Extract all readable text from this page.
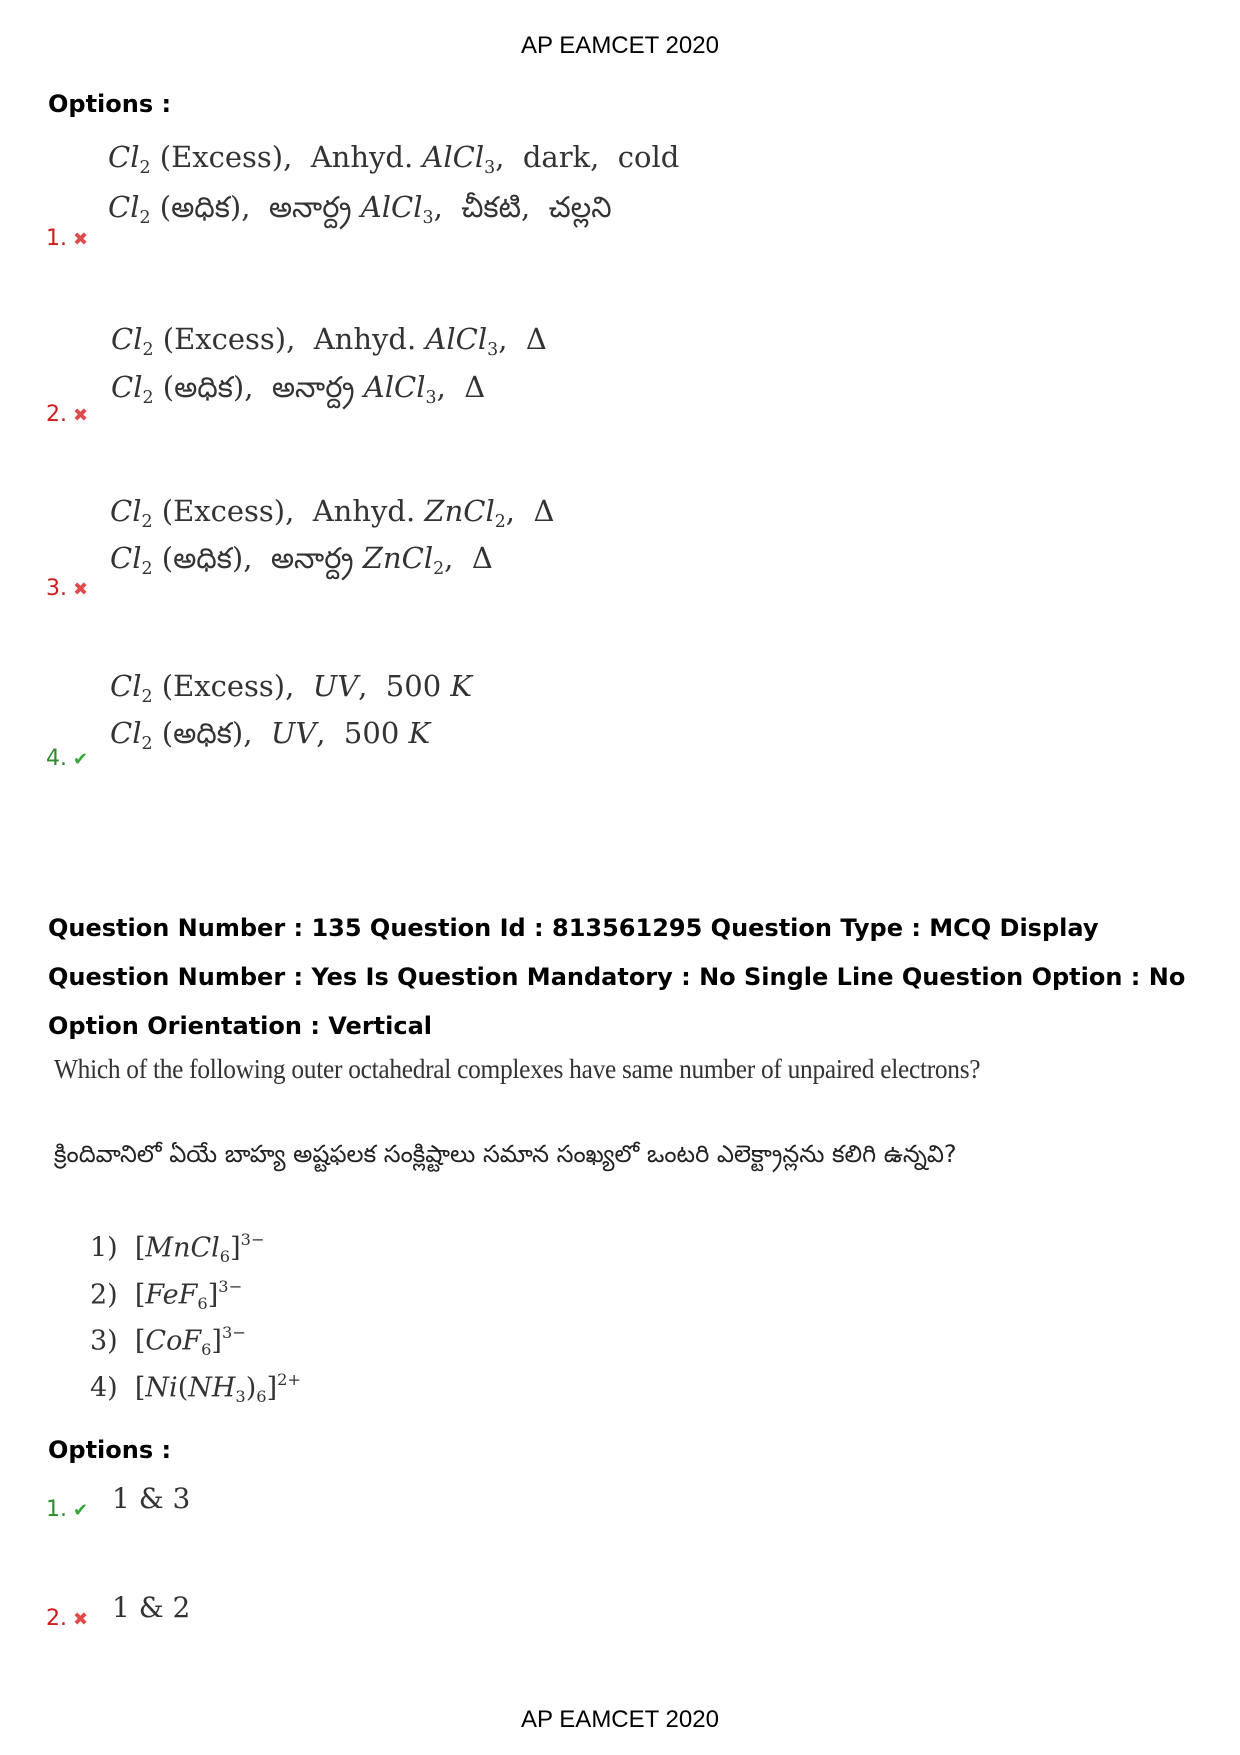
AP EAMCET 2020
Options :
$Cl_2$ (Excess),  Anhyd. AlCl$_3$,  dark,  cold
$Cl_2$ (అధిక),  అనార్ద్ర AlCl$_3$,  చీకటి,  చల్లని
1. ✖
$Cl_2$ (Excess),  Anhyd. AlCl$_3$,  Δ
$Cl_2$ (అధిక),  అనార్ద్ర AlCl$_3$,  Δ
2. ✖
$Cl_2$ (Excess),  Anhyd. ZnCl$_2$,  Δ
$Cl_2$ (అధిక),  అనార్ద్ర ZnCl$_2$,  Δ
3. ✖
$Cl_2$ (Excess),  UV,  500 K
$Cl_2$ (అధిక),  UV,  500 K
4. ✔
Question Number : 135 Question Id : 813561295 Question Type : MCQ Display Question Number : Yes Is Question Mandatory : No Single Line Question Option : No Option Orientation : Vertical
Which of the following outer octahedral complexes have same number of unpaired electrons?
క్రిందివానిలో ఏయే బాహ్య అష్టఫలక సంక్లిష్టాలు సమాన సంఖ్యలో ఒంటరి ఎలెక్ట్రాన్లను కలిగి ఉన్నవి?
1)  [MnCl$_6$]$^{3-}$
2)  $[FeF_6]^{3-}$
3)  $[CoF_6]^{3-}$
4)  $[Ni(NH_3)_6]^{2+}$
Options :
1. ✔ 1 & 3
2. ✖ 1 & 2
AP EAMCET 2020
